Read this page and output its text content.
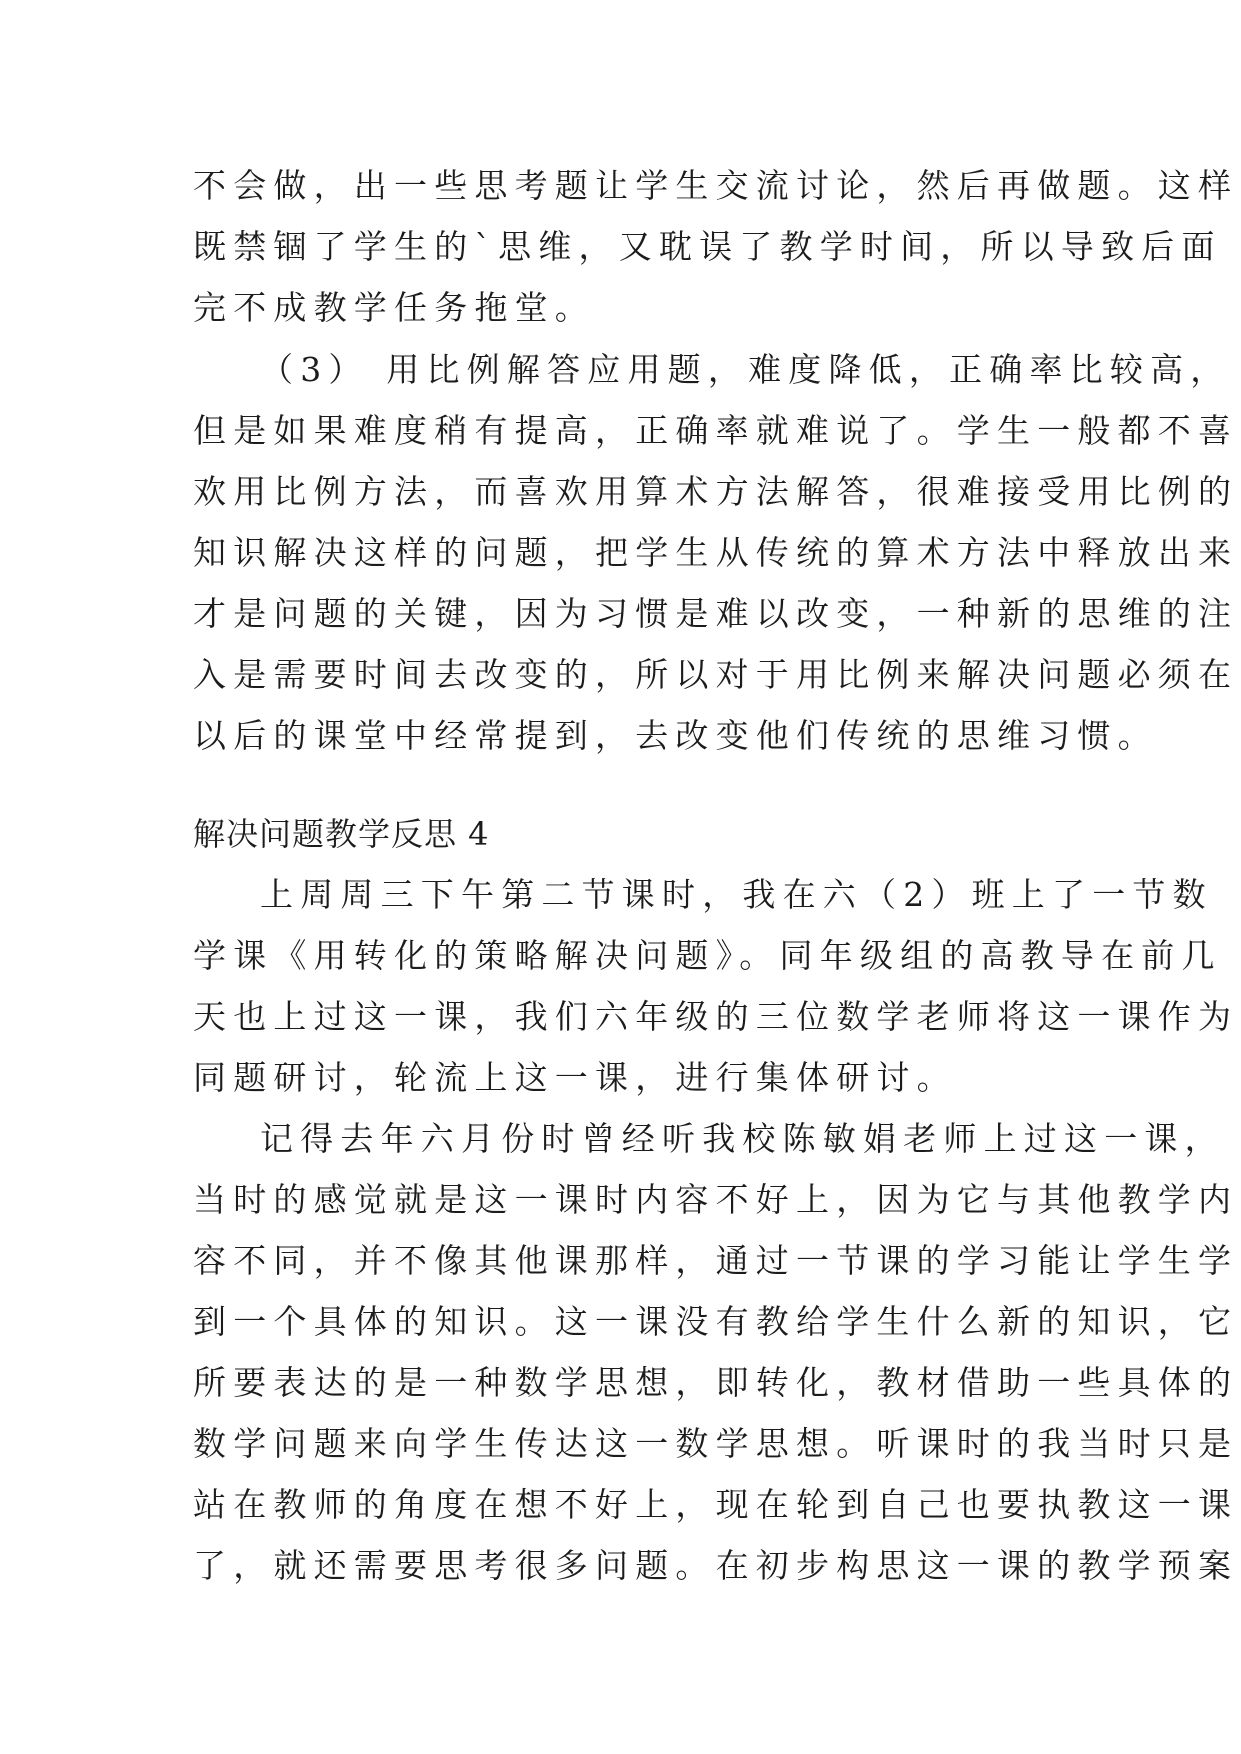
不会做，出一些思考题让学生交流讨论，然后再做题。这样
既禁锢了学生的`思维，又耽误了教学时间，所以导致后面
完不成教学任务拖堂。
（3） 用比例解答应用题，难度降低，正确率比较高，
但是如果难度稍有提高，正确率就难说了。学生一般都不喜
欢用比例方法，而喜欢用算术方法解答，很难接受用比例的
知识解决这样的问题，把学生从传统的算术方法中释放出来
才是问题的关键，因为习惯是难以改变，一种新的思维的注
入是需要时间去改变的，所以对于用比例来解决问题必须在
以后的课堂中经常提到，去改变他们传统的思维习惯。
解决问题教学反思 4
上周周三下午第二节课时，我在六（2）班上了一节数
学课《用转化的策略解决问题》。同年级组的高教导在前几
天也上过这一课，我们六年级的三位数学老师将这一课作为
同题研讨，轮流上这一课，进行集体研讨。
记得去年六月份时曾经听我校陈敏娟老师上过这一课，
当时的感觉就是这一课时内容不好上，因为它与其他教学内
容不同，并不像其他课那样，通过一节课的学习能让学生学
到一个具体的知识。这一课没有教给学生什么新的知识，它
所要表达的是一种数学思想，即转化，教材借助一些具体的
数学问题来向学生传达这一数学思想。听课时的我当时只是
站在教师的角度在想不好上，现在轮到自己也要执教这一课
了，就还需要思考很多问题。在初步构思这一课的教学预案
